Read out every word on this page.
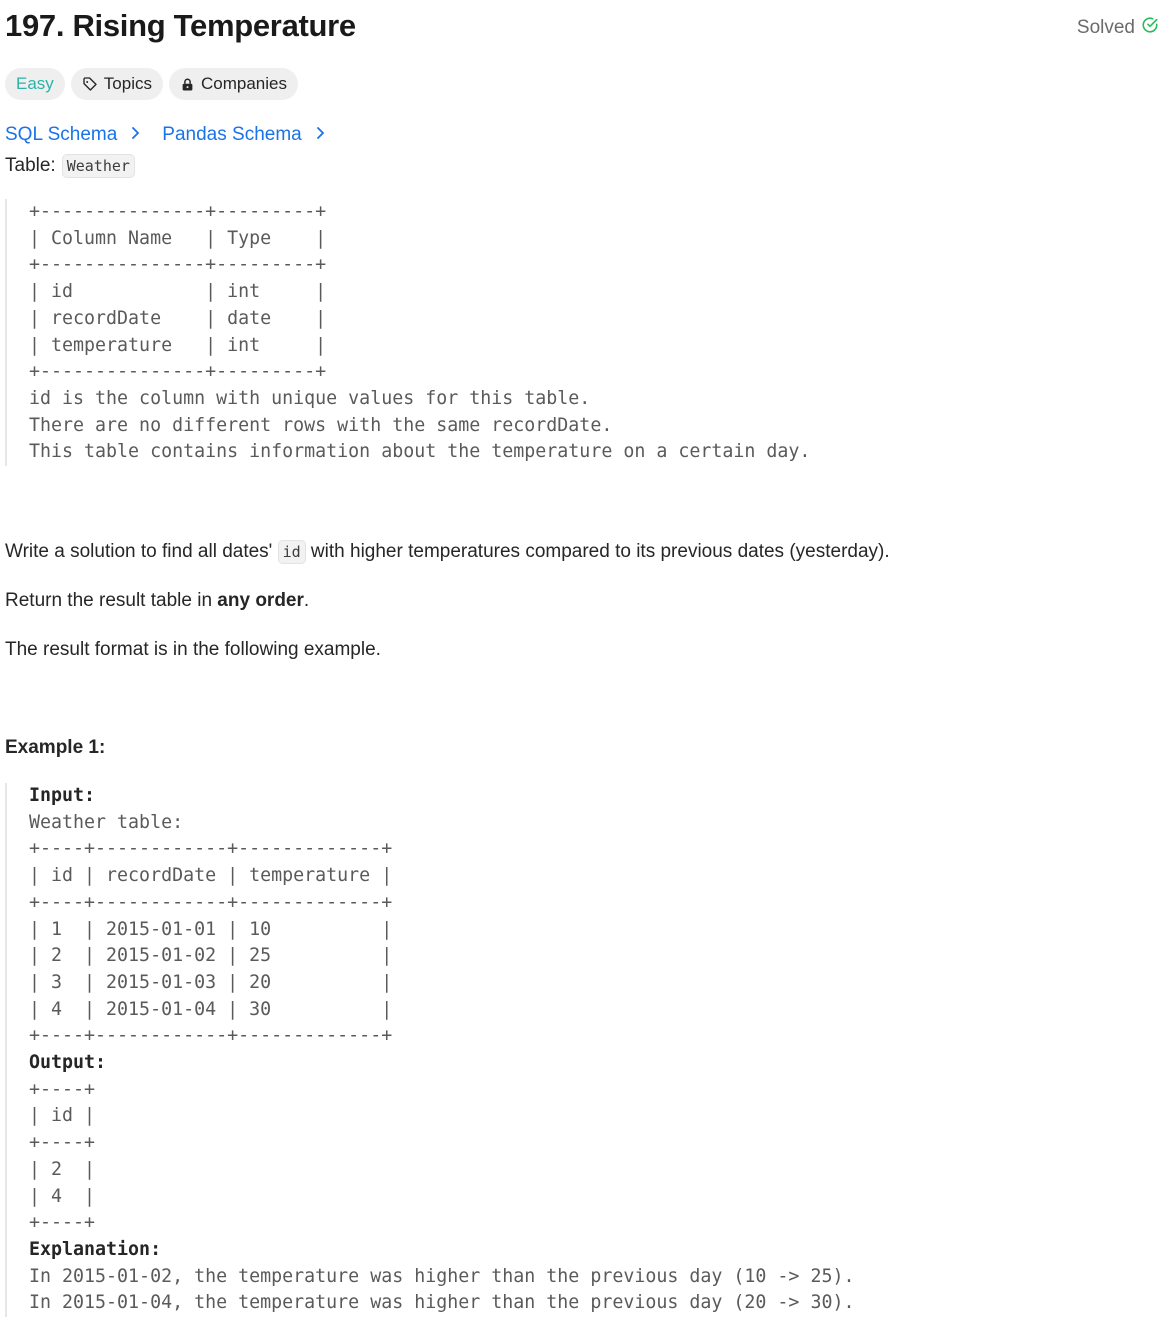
197. Rising Temperature	Solved
Easy	Topics	Companies
SQL Schema Pandas Schema
Table: Weather
+---------------+---------+
| Column Name   | Type    |
+---------------+---------+
| id            | int     |
| recordDate    | date    |
| temperature   | int     |
+---------------+---------+
id is the column with unique values for this table.
There are no different rows with the same recordDate.
This table contains information about the temperature on a certain day.

Write a solution to find all dates' id with higher temperatures compared to its previous dates (yesterday).

Return the result table in any order.

The result format is in the following example.

Example 1:
Input:
Weather table:
+----+------------+-------------+
| id | recordDate | temperature |
+----+------------+-------------+
| 1  | 2015-01-01 | 10          |
| 2  | 2015-01-02 | 25          |
| 3  | 2015-01-03 | 20          |
| 4  | 2015-01-04 | 30          |
+----+------------+-------------+
Output:
+----+
| id |
+----+
| 2  |
| 4  |
+----+
Explanation:
In 2015-01-02, the temperature was higher than the previous day (10 -> 25).
In 2015-01-04, the temperature was higher than the previous day (20 -> 30).
